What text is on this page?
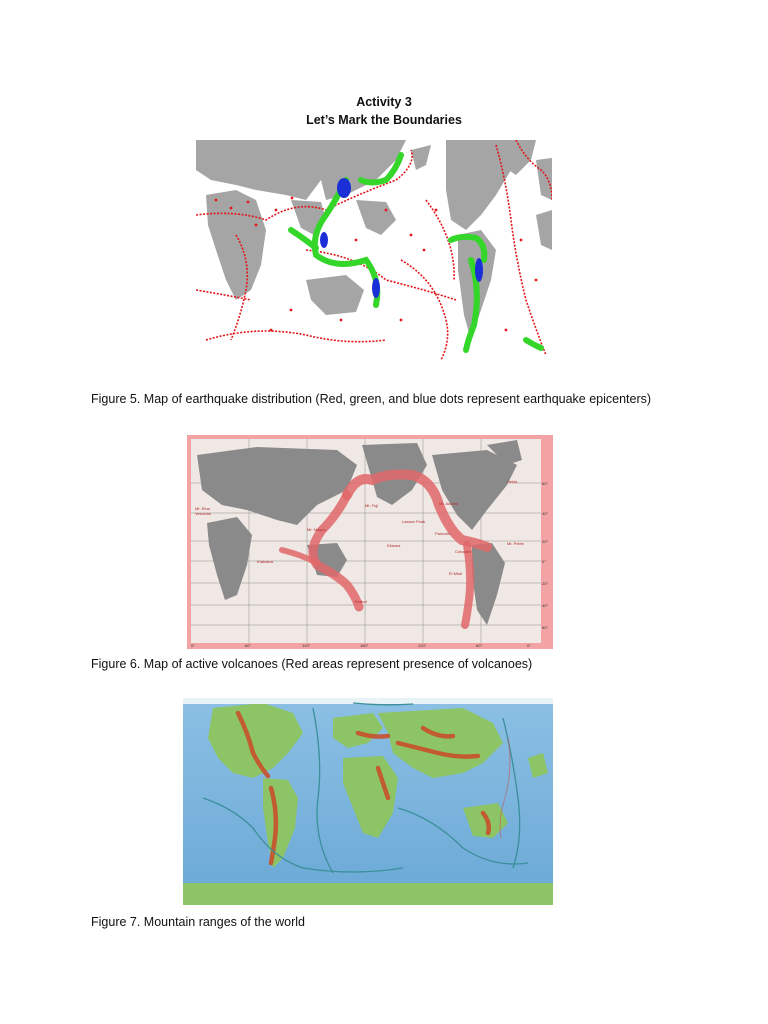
Activity 3
Let’s Mark the Boundaries
Figure 5. Map of earthquake distribution (Red, green, and blue dots represent earthquake epicenters)
Mt. Fuji
Krakatoa
Kilauea
Cotopaxi
Lassen Peak
Mt. Etna
Vesuvius
Mt. Adams
Paricutin
Mt. Mayon
Hekla
Mt. Pelée
El Misti
Kerinci
60°
40°
20°
0°
20°
40°
60°
0°	60°	120°	180°	120°	60°	0°
Figure 6. Map of active volcanoes (Red areas represent presence of volcanoes)
Figure 7. Mountain ranges of the world
